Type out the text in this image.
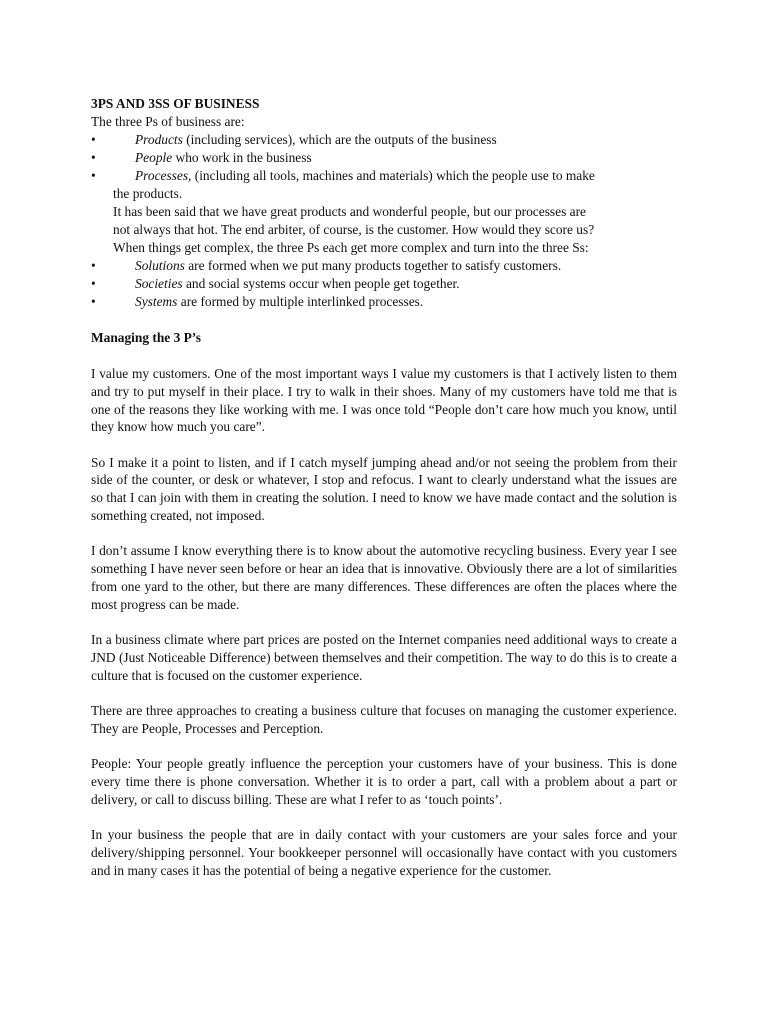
3PS AND 3SS OF BUSINESS

The three Ps of business are:

•	Products (including services), which are the outputs of the business

•	People who work in the business

•	Processes, (including all tools, machines and materials) which the people use to make
the products.

It has been said that we have great products and wonderful people, but our processes are

not always that hot. The end arbiter, of course, is the customer. How would they score us?

When things get complex, the three Ps each get more complex and turn into the three Ss:

•	Solutions are formed when we put many products together to satisfy customers.

•	Societies and social systems occur when people get together.

•	Systems are formed by multiple interlinked processes.

Managing the 3 P’s

I value my customers. One of the most important ways I value my customers is that I actively listen to them and try to put myself in their place. I try to walk in their shoes. Many of my customers have told me that is one of the reasons they like working with me. I was once told “People don’t care how much you know, until they know how much you care”.

So I make it a point to listen, and if I catch myself jumping ahead and/or not seeing the problem from their side of the counter, or desk or whatever, I stop and refocus. I want to clearly understand what the issues are so that I can join with them in creating the solution. I need to know we have made contact and the solution is something created, not imposed.

I don’t assume I know everything there is to know about the automotive recycling business. Every year I see something I have never seen before or hear an idea that is innovative. Obviously there are a lot of similarities from one yard to the other, but there are many differences. These differences are often the places where the most progress can be made.

In a business climate where part prices are posted on the Internet companies need additional ways to create a JND (Just Noticeable Difference) between themselves and their competition. The way to do this is to create a culture that is focused on the customer experience.

There are three approaches to creating a business culture that focuses on managing the customer experience. They are People, Processes and Perception.

People: Your people greatly influence the perception your customers have of your business. This is done every time there is phone conversation. Whether it is to order a part, call with a problem about a part or delivery, or call to discuss billing. These are what I refer to as ‘touch points’.

In your business the people that are in daily contact with your customers are your sales force and your delivery/shipping personnel. Your bookkeeper personnel will occasionally have contact with you customers and in many cases it has the potential of being a negative experience for the customer.
